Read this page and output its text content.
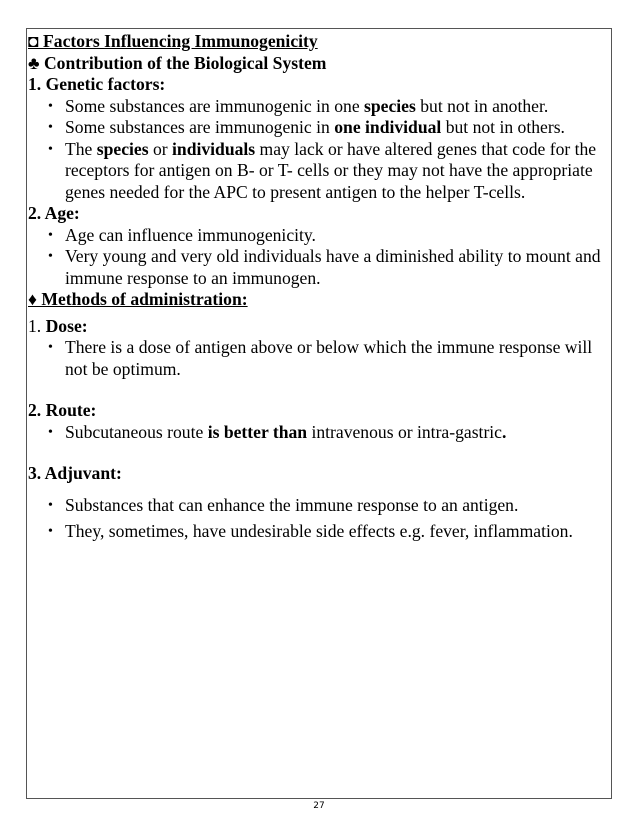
◘ Factors Influencing Immunogenicity

♣ Contribution of the Biological System

1. Genetic factors:

• Some substances are immunogenic in one species but not in another.
• Some substances are immunogenic in one individual but not in others.
• The species or individuals may lack or have altered genes that code for the receptors for antigen on B- or T- cells or they may not have the appropriate genes needed for the APC to present antigen to the helper T-cells.

2. Age:

• Age can influence immunogenicity.
• Very young and very old individuals have a diminished ability to mount and immune response to an immunogen.

♦ Methods of administration:

1. Dose:

• There is a dose of antigen above or below which the immune response will not be optimum.

2. Route:

• Subcutaneous route is better than intravenous or intra-gastric.

3. Adjuvant:

• Substances that can enhance the immune response to an antigen.
• They, sometimes, have undesirable side effects e.g. fever, inflammation.
27
